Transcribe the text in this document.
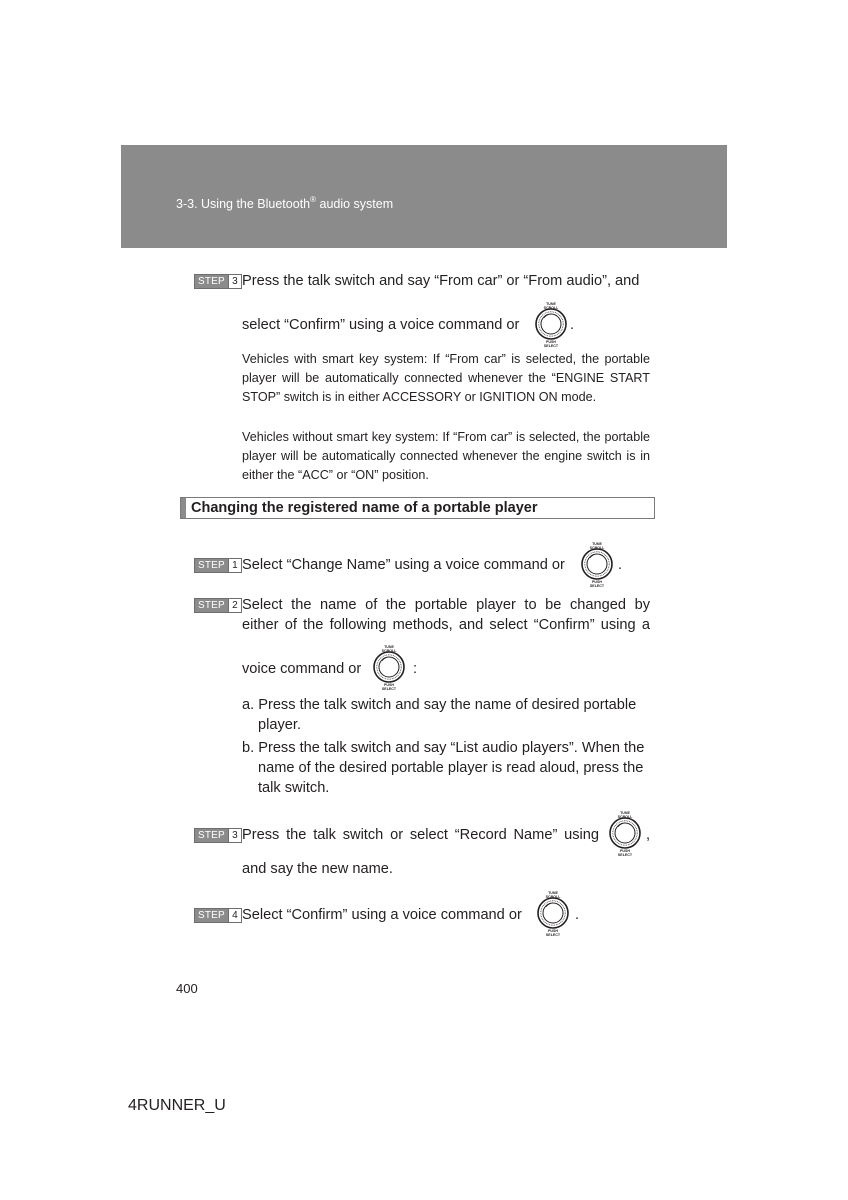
3-3. Using the Bluetooth® audio system
STEP 3 Press the talk switch and say “From car” or “From audio”, and
select “Confirm” using a voice command or	.
Vehicles with smart key system: If “From car” is selected, the portable player will be automatically connected whenever the “ENGINE START STOP” switch is in either ACCESSORY or IGNITION ON mode.
Vehicles without smart key system: If “From car” is selected, the portable player will be automatically connected whenever the engine switch is in either the “ACC” or “ON” position.
Changing the registered name of a portable player
STEP 1 Select “Change Name” using a voice command or	.
STEP 2 Select the name of the portable player to be changed by
either of the following methods, and select “Confirm” using a
voice command or	:
a. Press the talk switch and say the name of desired portable
player.
b. Press the talk switch and say “List audio players”. When the
name of the desired portable player is read aloud, press the
talk switch.
STEP 3 Press the talk switch or select “Record Name” using	,
and say the new name.
STEP 4 Select “Confirm” using a voice command or	.
400
4RUNNER_U
